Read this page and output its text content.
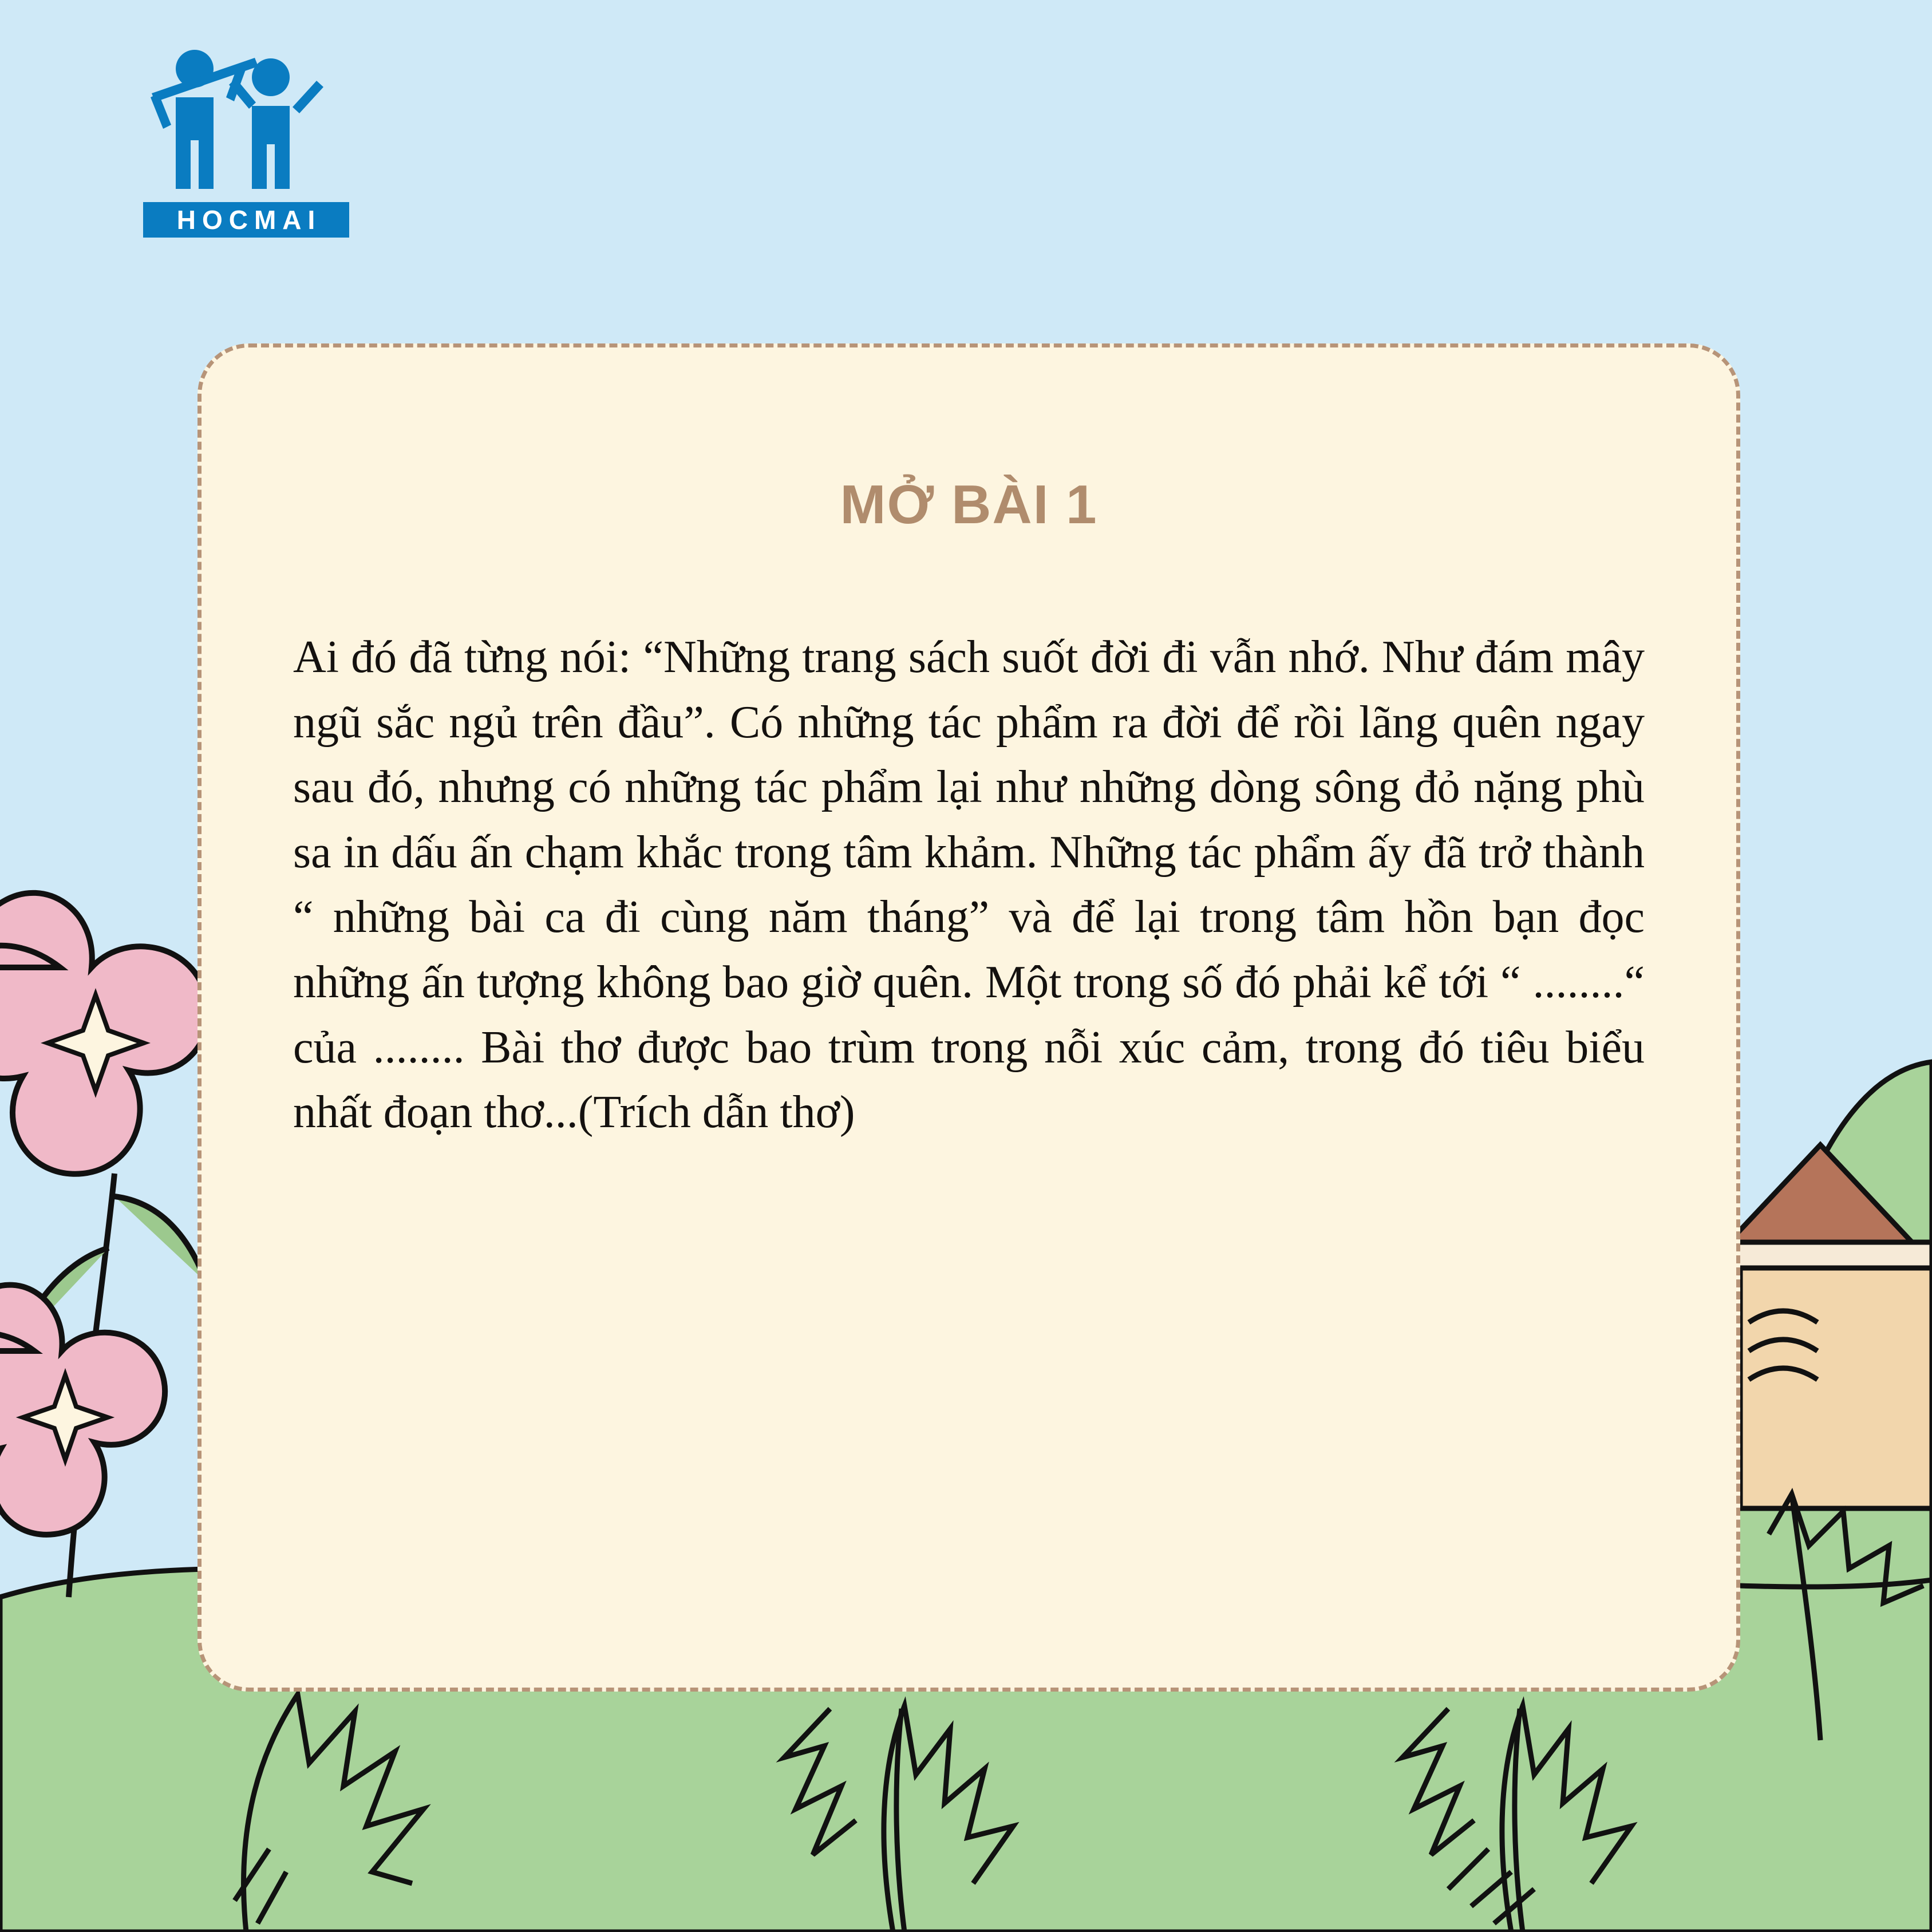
HOCMAI
MỞ BÀI 1

Ai đó đã từng nói: “Những trang sách suốt đời đi vẫn nhớ. Như đám mây ngũ sắc ngủ trên đầu”. Có những tác phẩm ra đời để rồi lãng quên ngay sau đó, nhưng có những tác phẩm lại như những dòng sông đỏ nặng phù sa in dấu ấn chạm khắc trong tâm khảm. Những tác phẩm ấy đã trở thành “ những bài ca đi cùng năm tháng” và để lại trong tâm hồn bạn đọc những ấn tượng không bao giờ quên. Một trong số đó phải kể tới “ ........“ của ........ Bài thơ được bao trùm trong nỗi xúc cảm, trong đó tiêu biểu nhất đoạn thơ...(Trích dẫn thơ)
